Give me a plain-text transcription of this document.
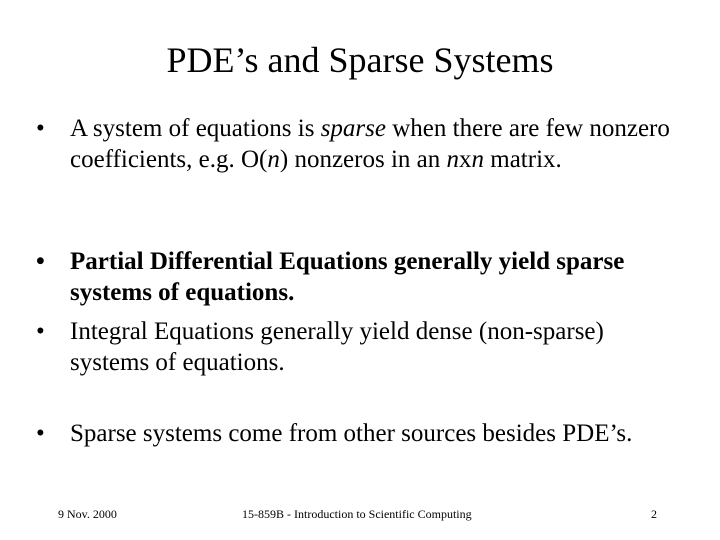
PDE’s and Sparse Systems
•	A system of equations is sparse when there are few nonzero coefficients, e.g. O(n) nonzeros in an nxn matrix.
•	Partial Differential Equations generally yield sparse systems of equations.
•	Integral Equations generally yield dense (non-sparse) systems of equations.
•	Sparse systems come from other sources besides PDE’s.
9 Nov. 2000	15-859B - Introduction to Scientific Computing	2
